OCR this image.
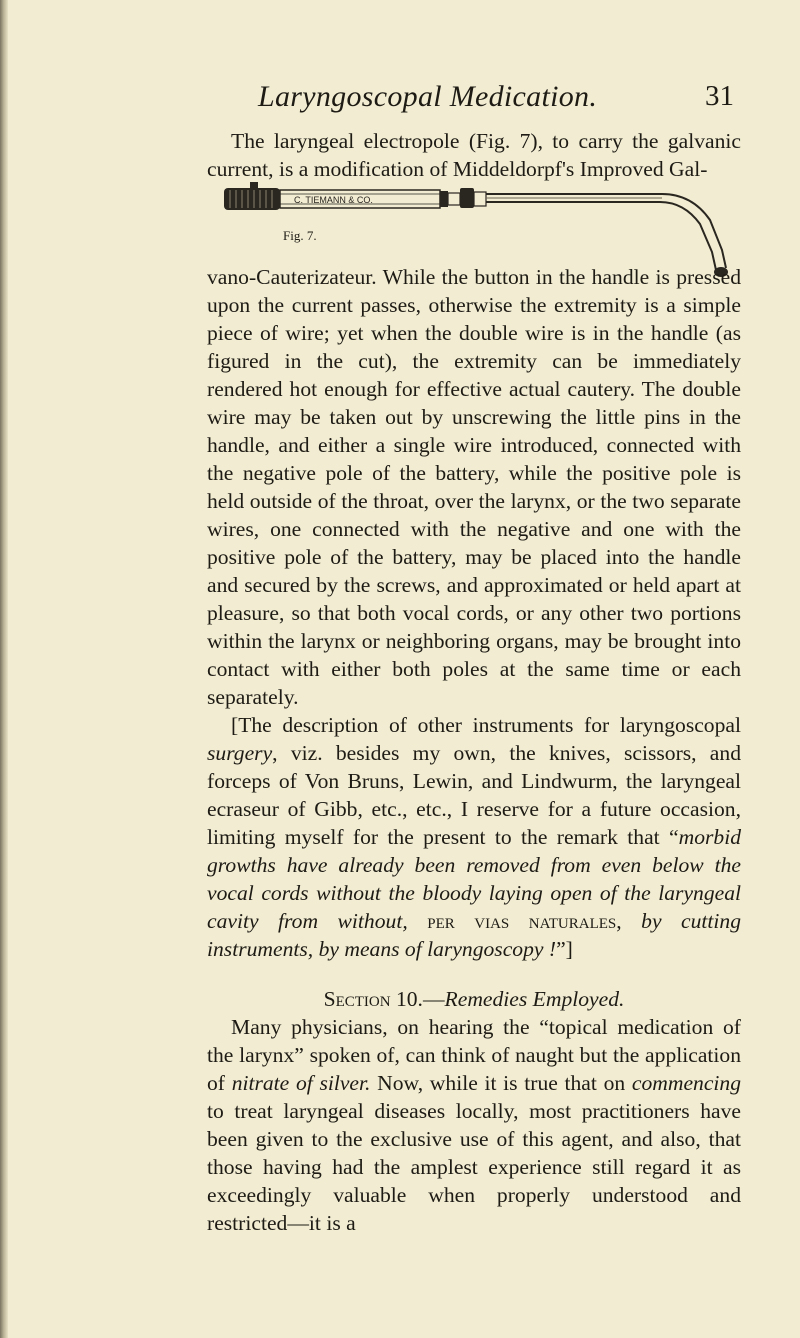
Laryngoscopal Medication.	31

The laryngeal electropole (Fig. 7), to carry the galvanic current, is a modification of Middeldorpf's Improved Gal-

C. TIEMANN & CO.
Fig. 7.

vano-Cauterizateur. While the button in the handle is pressed upon the current passes, otherwise the extremity is a simple piece of wire; yet when the double wire is in the handle (as figured in the cut), the extremity can be immediately rendered hot enough for effective actual cautery. The double wire may be taken out by unscrewing the little pins in the handle, and either a single wire introduced, connected with the negative pole of the battery, while the positive pole is held outside of the throat, over the larynx, or the two separate wires, one connected with the negative and one with the positive pole of the battery, may be placed into the handle and secured by the screws, and approximated or held apart at pleasure, so that both vocal cords, or any other two portions within the larynx or neighboring organs, may be brought into contact with either both poles at the same time or each separately.

[The description of other instruments for laryngoscopal surgery, viz. besides my own, the knives, scissors, and forceps of Von Bruns, Lewin, and Lindwurm, the laryngeal ecraseur of Gibb, etc., etc., I reserve for a future occasion, limiting myself for the present to the remark that “morbid growths have already been removed from even below the vocal cords without the bloody laying open of the laryngeal cavity from without, per vias naturales, by cutting instruments, by means of laryngoscopy !”]

Section 10.—Remedies Employed.

Many physicians, on hearing the “topical medication of the larynx” spoken of, can think of naught but the application of nitrate of silver. Now, while it is true that on commencing to treat laryngeal diseases locally, most practitioners have been given to the exclusive use of this agent, and also, that those having had the amplest experience still regard it as exceedingly valuable when properly understood and restricted—it is a
